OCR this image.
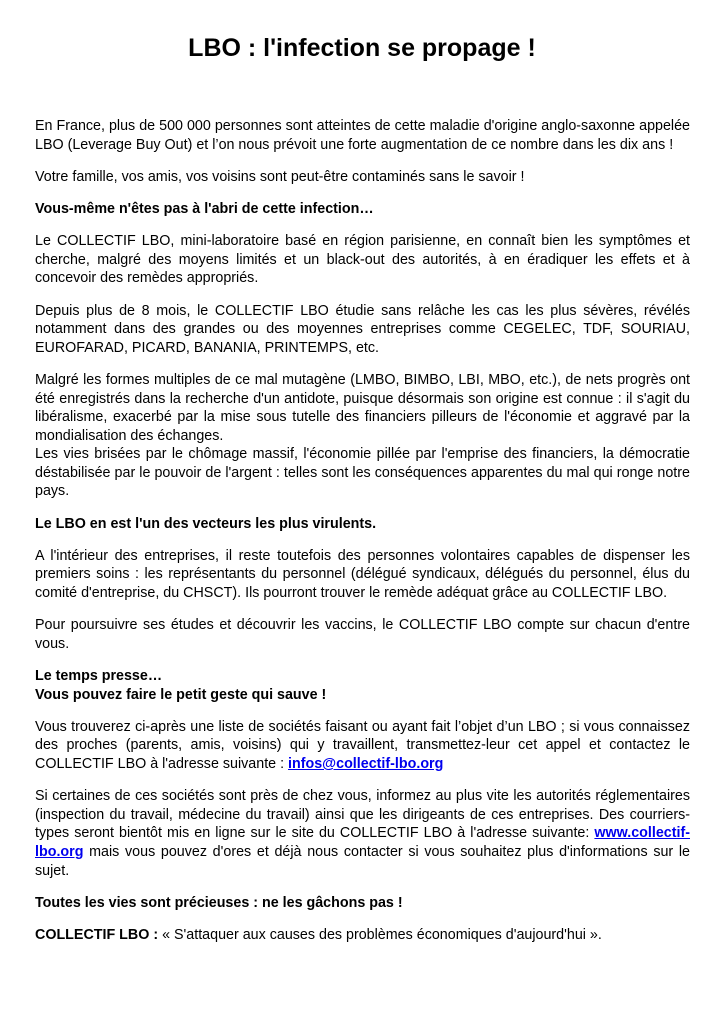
LBO : l'infection se propage !

En France, plus de 500 000 personnes sont atteintes de cette maladie d'origine anglo-saxonne appelée LBO (Leverage Buy Out) et l’on nous prévoit une forte augmentation de ce nombre dans les dix ans !

Votre famille, vos amis, vos voisins sont peut-être contaminés sans le savoir !

Vous-même n'êtes pas à l'abri de cette infection…

Le COLLECTIF LBO, mini-laboratoire basé en région parisienne, en connaît bien les symptômes et cherche, malgré des moyens limités et un black-out des autorités, à en éradiquer les effets et à concevoir des remèdes appropriés.

Depuis plus de 8 mois, le COLLECTIF LBO étudie sans relâche les cas les plus sévères, révélés notamment dans des grandes ou des moyennes entreprises comme CEGELEC, TDF, SOURIAU, EUROFARAD, PICARD, BANANIA, PRINTEMPS, etc.

Malgré les formes multiples de ce mal mutagène (LMBO, BIMBO, LBI, MBO, etc.), de nets progrès ont été enregistrés dans la recherche d'un antidote, puisque désormais son origine est connue : il s'agit du libéralisme, exacerbé par la mise sous tutelle des financiers pilleurs de l'économie et aggravé par la mondialisation des échanges.

Les vies brisées par le chômage massif, l'économie pillée par l'emprise des financiers, la démocratie déstabilisée par le pouvoir de l'argent : telles sont les conséquences apparentes du mal qui ronge notre pays.

Le LBO en est l'un des vecteurs les plus virulents.

A l'intérieur des entreprises, il reste toutefois des personnes volontaires capables de dispenser les premiers soins : les représentants du personnel (délégué syndicaux, délégués du personnel, élus du comité d'entreprise, du CHSCT). Ils pourront trouver le remède adéquat grâce au COLLECTIF LBO.

Pour poursuivre ses études et découvrir les vaccins, le COLLECTIF LBO compte sur chacun d'entre vous.

Le temps presse…

Vous pouvez faire le petit geste qui sauve !

Vous trouverez ci-après une liste de sociétés faisant ou ayant fait l’objet d’un LBO ; si vous connaissez des proches (parents, amis, voisins) qui y travaillent, transmettez-leur cet appel et contactez le COLLECTIF LBO à l'adresse suivante : infos@collectif-lbo.org

Si certaines de ces sociétés sont près de chez vous, informez au plus vite les autorités réglementaires (inspection du travail, médecine du travail) ainsi que les dirigeants de ces entreprises. Des courriers-types seront bientôt mis en ligne sur le site du COLLECTIF LBO à l'adresse suivante: www.collectif-lbo.org mais vous pouvez d'ores et déjà nous contacter si vous souhaitez plus d'informations sur le sujet.

Toutes les vies sont précieuses : ne les gâchons pas !

COLLECTIF LBO : « S'attaquer aux causes des problèmes économiques d'aujourd'hui ».
